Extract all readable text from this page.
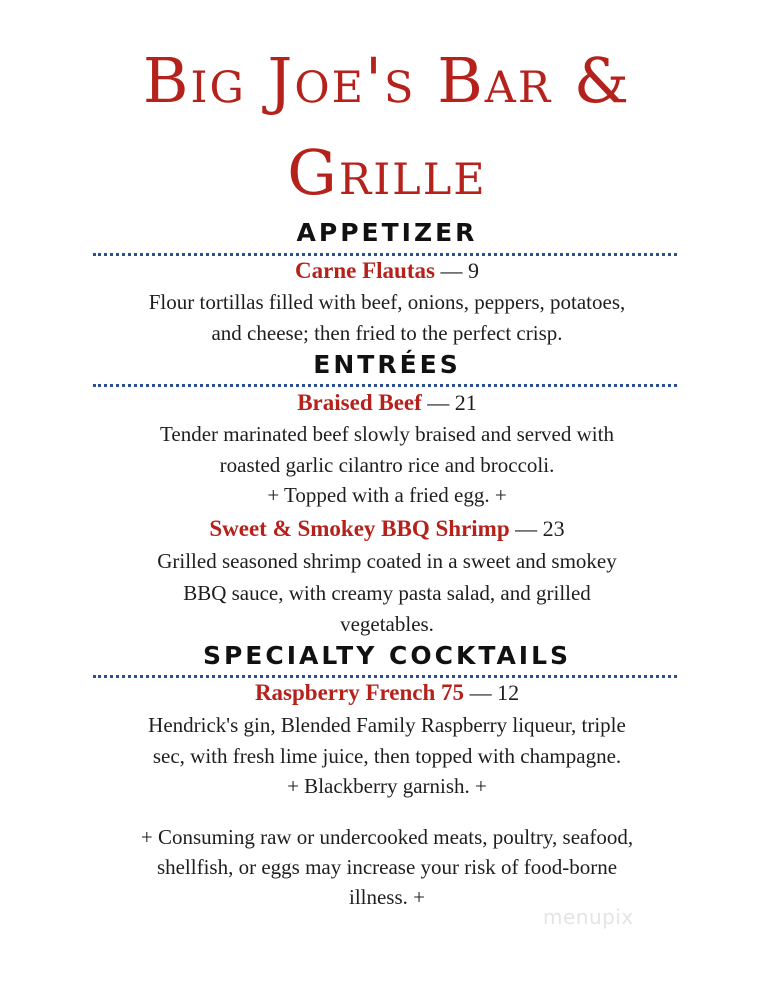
Big Joe's Bar &
Grille
APPETIZER
Carne Flautas — 9
Flour tortillas filled with beef, onions, peppers, potatoes,
and cheese; then fried to the perfect crisp.
ENTRÉES
Braised Beef — 21
Tender marinated beef slowly braised and served with
roasted garlic cilantro rice and broccoli.
+ Topped with a fried egg. +
Sweet & Smokey BBQ Shrimp — 23
Grilled seasoned shrimp coated in a sweet and smokey
BBQ sauce, with creamy pasta salad, and grilled
vegetables.
SPECIALTY COCKTAILS
Raspberry French 75 — 12
Hendrick's gin, Blended Family Raspberry liqueur, triple
sec, with fresh lime juice, then topped with champagne.
+ Blackberry garnish. +
+ Consuming raw or undercooked meats, poultry, seafood,
shellfish, or eggs may increase your risk of food-borne
illness. +
menupix
